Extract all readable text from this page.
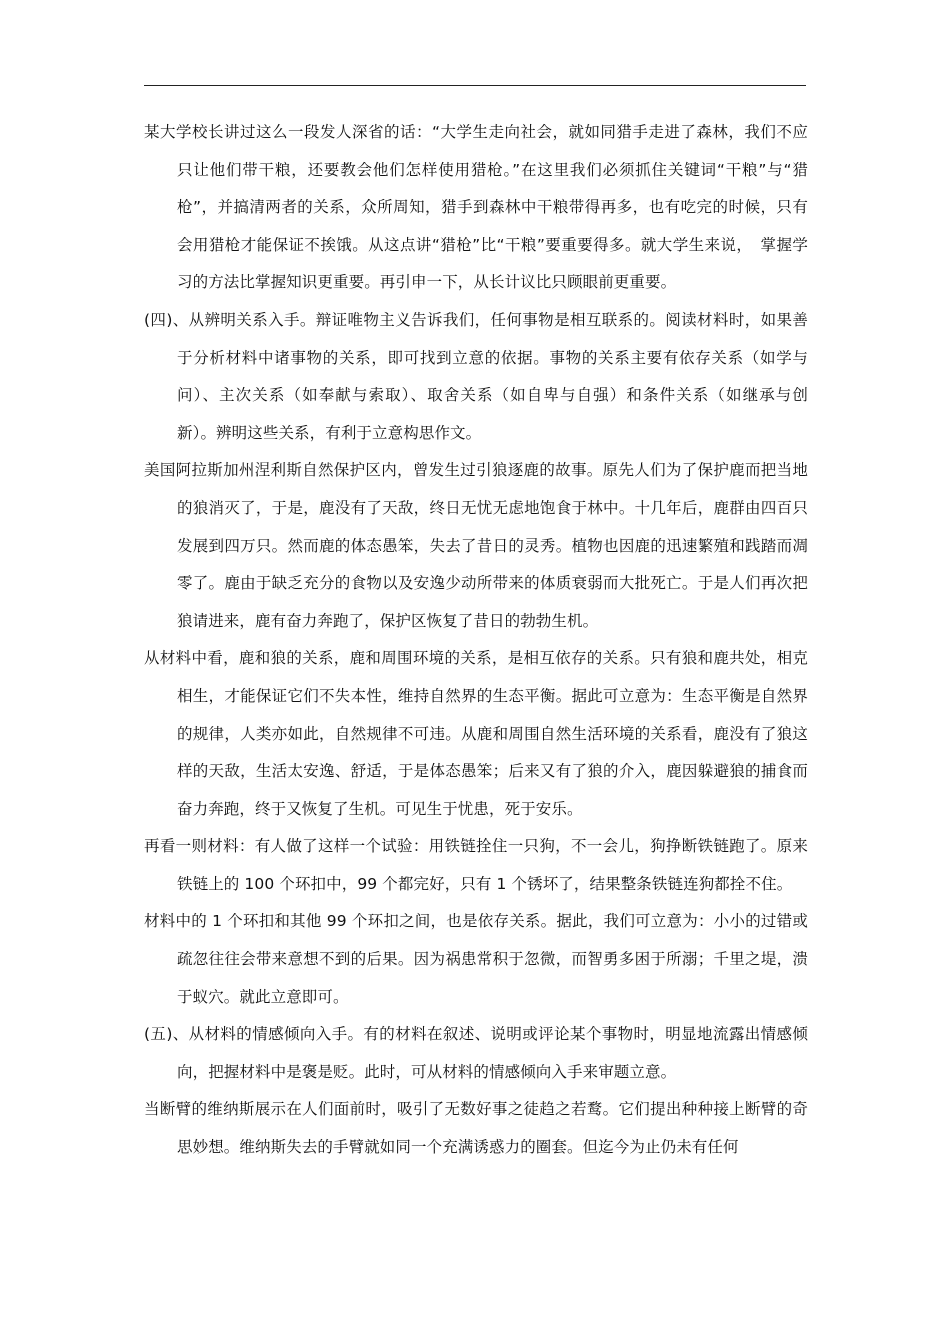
某大学校长讲过这么一段发人深省的话：“大学生走向社会，就如同猎手走进了森林，我们不应　只让他们带干粮，还要教会他们怎样使用猎枪。”在这里我们必须抓住关键词“干粮”与“猎枪”，并搞清两者的关系，众所周知，猎手到森林中干粮带得再多，也有吃完的时候，只有会用猎枪才能保证不挨饿。从这点讲“猎枪”比“干粮”要重要得多。就大学生来说，　掌握学习的方法比掌握知识更重要。再引申一下，从长计议比只顾眼前更重要。

(四)、从辨明关系入手。辩证唯物主义告诉我们，任何事物是相互联系的。阅读材料时，如果善于分析材料中诸事物的关系，即可找到立意的依据。事物的关系主要有依存关系（如学与问）、主次关系（如奉献与索取）、取舍关系（如自卑与自强）和条件关系（如继承与创新）。辨明这些关系，有利于立意构思作文。

美国阿拉斯加州涅利斯自然保护区内，曾发生过引狼逐鹿的故事。原先人们为了保护鹿而把当地的狼消灭了，于是，鹿没有了天敌，终日无忧无虑地饱食于林中。十几年后，鹿群由四百只发展到四万只。然而鹿的体态愚笨，失去了昔日的灵秀。植物也因鹿的迅速繁殖和践踏而凋零了。鹿由于缺乏充分的食物以及安逸少动所带来的体质衰弱而大批死亡。于是人们再次把狼请进来，鹿有奋力奔跑了，保护区恢复了昔日的勃勃生机。

从材料中看，鹿和狼的关系，鹿和周围环境的关系，是相互依存的关系。只有狼和鹿共处，相克相生，才能保证它们不失本性，维持自然界的生态平衡。据此可立意为：生态平衡是自然界的规律，人类亦如此，自然规律不可违。从鹿和周围自然生活环境的关系看，鹿没有了狼这样的天敌，生活太安逸、舒适，于是体态愚笨；后来又有了狼的介入，鹿因躲避狼的捕食而奋力奔跑，终于又恢复了生机。可见生于忧患，死于安乐。

再看一则材料：有人做了这样一个试验：用铁链拴住一只狗，不一会儿，狗挣断铁链跑了。原来铁链上的 100 个环扣中，99 个都完好，只有 1 个锈坏了，结果整条铁链连狗都拴不住。

材料中的 1 个环扣和其他 99 个环扣之间，也是依存关系。据此，我们可立意为：小小的过错或疏忽往往会带来意想不到的后果。因为祸患常积于忽微，而智勇多困于所溺；千里之堤，溃于蚁穴。就此立意即可。

(五)、从材料的情感倾向入手。有的材料在叙述、说明或评论某个事物时，明显地流露出情感倾向，把握材料中是褒是贬。此时，可从材料的情感倾向入手来审题立意。

当断臂的维纳斯展示在人们面前时，吸引了无数好事之徒趋之若鹜。它们提出种种接上断臂的奇思妙想。维纳斯失去的手臂就如同一个充满诱惑力的圈套。但迄今为止仍未有任何
